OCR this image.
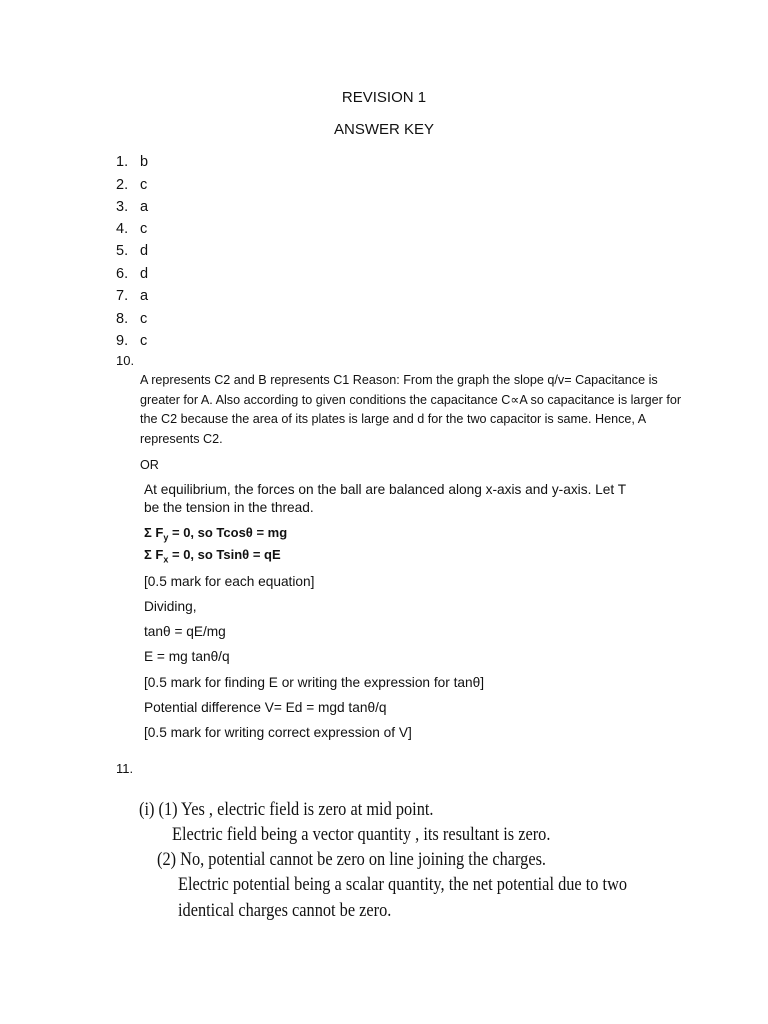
REVISION 1
ANSWER KEY
1. b
2. c
3. a
4. c
5. d
6. d
7. a
8. c
9. c
10.
A represents C2 and B represents C1 Reason: From the graph the slope q/v= Capacitance is greater for A. Also according to given conditions the capacitance C∝A so capacitance is larger for the C2 because the area of its plates is large and d for the two capacitor is same. Hence, A represents C2.
OR
At equilibrium, the forces on the ball are balanced along x-axis and y-axis. Let T
be the tension in the thread.
Σ $F_y = 0$, so Tcosθ = mg
Σ $F_x = 0$, so Tsinθ = qE
[0.5 mark for each equation]
Dividing,
tanθ = qE/mg
E = mg tanθ/q
[0.5 mark for finding E or writing the expression for tanθ]
Potential difference V= Ed = mgd tanθ/q
[0.5 mark for writing correct expression of V]
11.
(i) (1) Yes , electric field is zero at mid point.
Electric field being a vector quantity , its resultant is zero.
(2) No, potential cannot be zero on line joining the charges.
Electric potential being a scalar quantity, the net potential due to two
identical charges cannot be zero.
